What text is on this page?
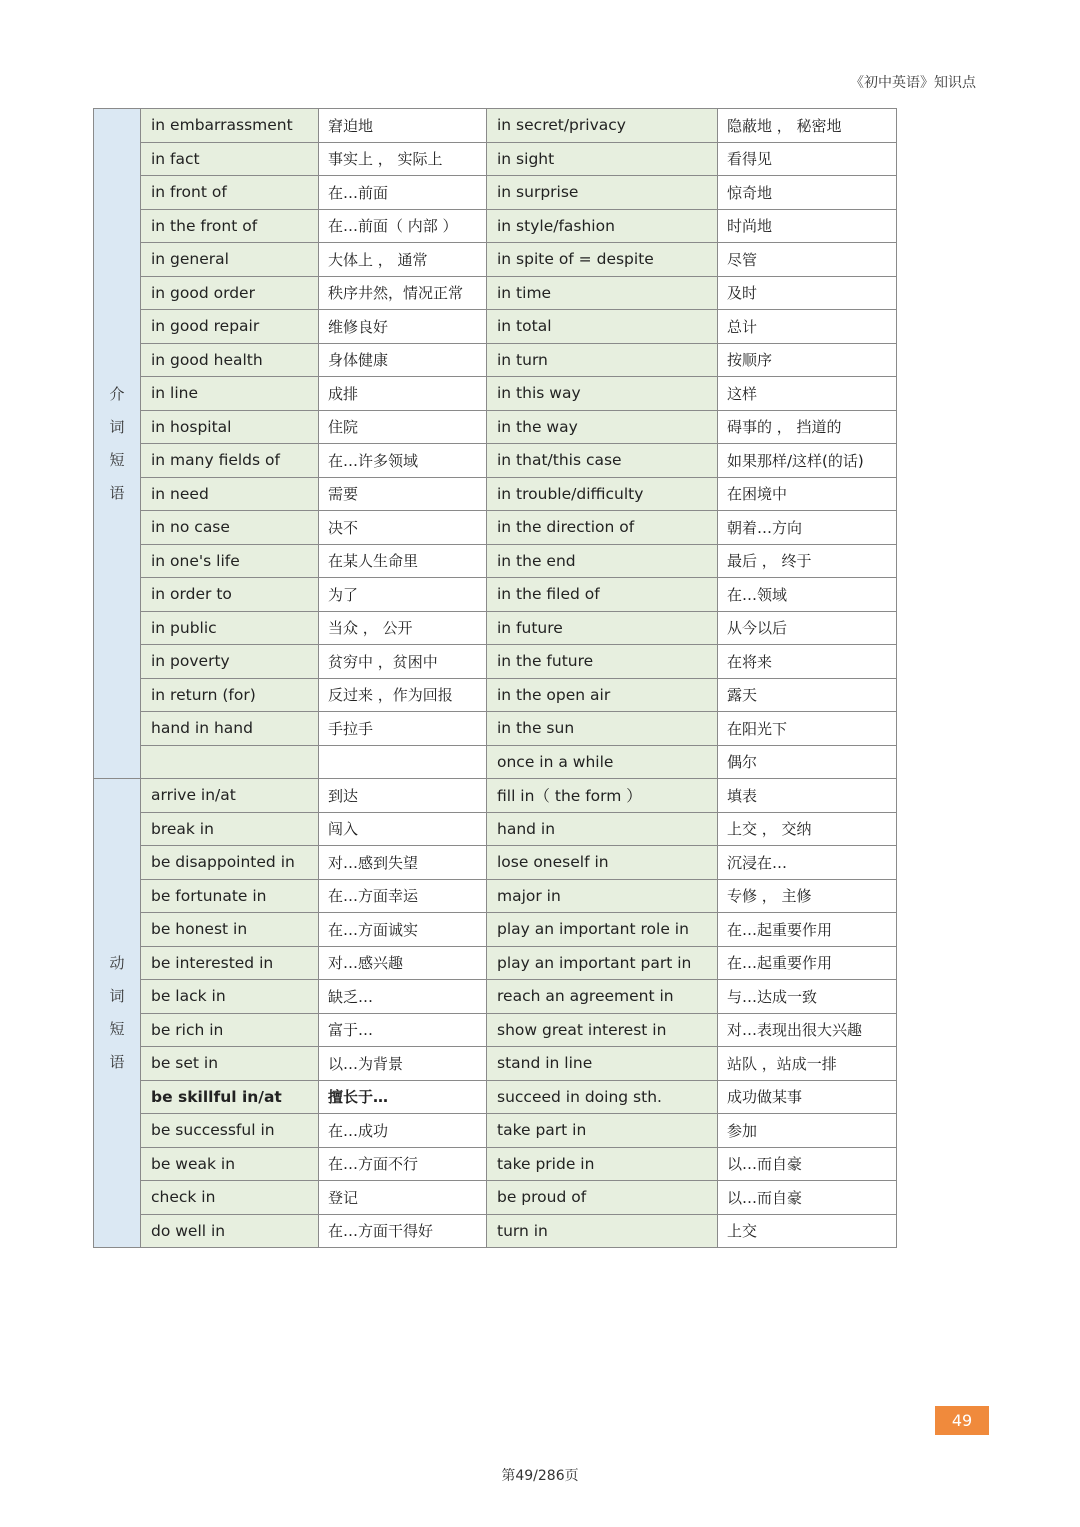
《初中英语》知识点
介词短语	in embarrassment	窘迫地	in secret/privacy	隐蔽地 ， 秘密地
	in fact	事实上 ， 实际上	in sight	看得见
	in front of	在…前面	in surprise	惊奇地
	in the front of	在…前面（ 内部 ）	in style/fashion	时尚地
	in general	大体上 ， 通常	in spite of = despite	尽管
	in good order	秩序井然，情况正常	in time	及时
	in good repair	维修良好	in total	总计
	in good health	身体健康	in turn	按顺序
	in line	成排	in this way	这样
	in hospital	住院	in the way	碍事的 ， 挡道的
	in many fields of	在…许多领域	in that/this case	如果那样/这样(的话)
	in need	需要	in trouble/difficulty	在困境中
	in no case	决不	in the direction of	朝着…方向
	in one's life	在某人生命里	in the end	最后 ， 终于
	in order to	为了	in the filed of	在…领域
	in public	当众 ， 公开	in future	从今以后
	in poverty	贫穷中 ，贫困中	in the future	在将来
	in return (for)	反过来 ，作为回报	in the open air	露天
	hand in hand	手拉手	in the sun	在阳光下
			once in a while	偶尔

动词短语	arrive in/at	到达	fill in（ the form ）	填表
	break in	闯入	hand in	上交 ， 交纳
	be disappointed in	对…感到失望	lose oneself in	沉浸在…
	be fortunate in	在…方面幸运	major in	专修 ， 主修
	be honest in	在…方面诚实	play an important role in	在…起重要作用
	be interested in	对…感兴趣	play an important part in	在…起重要作用
	be lack in	缺乏…	reach an agreement in	与…达成一致
	be rich in	富于…	show great interest in	对…表现出很大兴趣
	be set in	以…为背景	stand in line	站队 ，站成一排
	be skillful in/at	擅长于…	succeed in doing sth.	成功做某事
	be successful in	在…成功	take part in	参加
	be weak in	在…方面不行	take pride in	以…而自豪
	check in	登记	be proud of	以…而自豪
	do well in	在…方面干得好	turn in	上交
49
第49/286页
